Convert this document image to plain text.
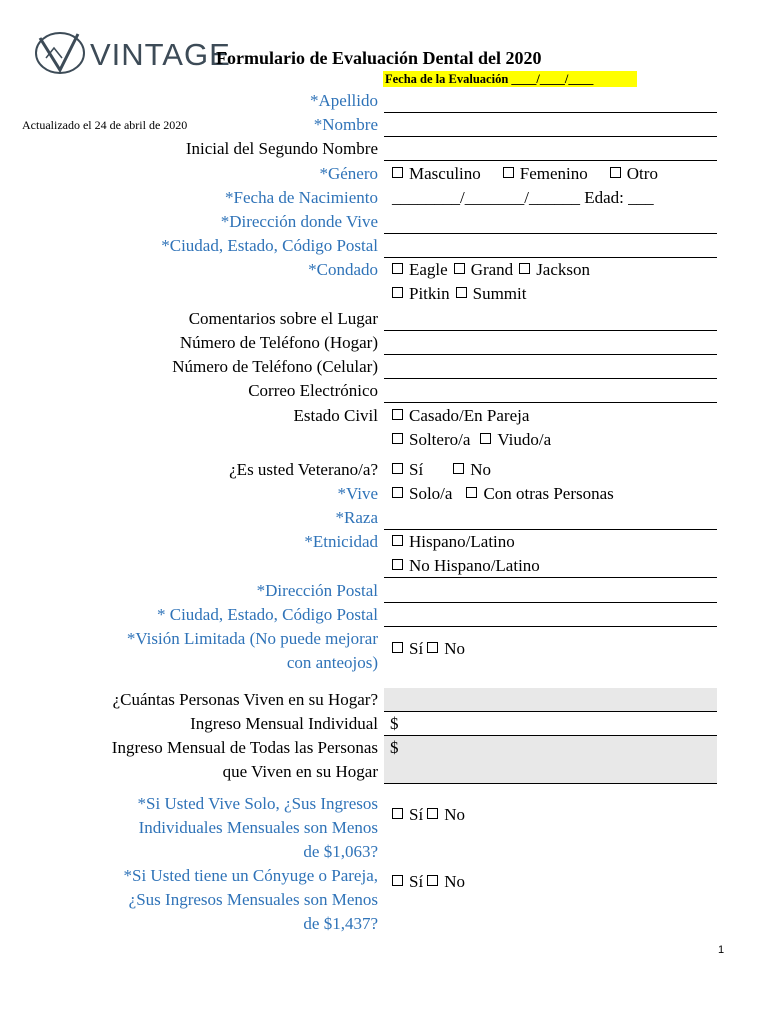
VINTAGE
Formulario de Evaluación Dental del 2020
Fecha de la Evaluación ____/____/____
Actualizado el 24 de abril de 2020
*Apellido
*Nombre
Inicial del Segundo Nombre
*Género	Masculino Femenino Otro
*Fecha de Nacimiento ________/_______/______ Edad: ___
*Dirección donde Vive
*Ciudad, Estado, Código Postal
*Condado	Eagle Grand Jackson
Pitkin Summit
Comentarios sobre el Lugar
Número de Teléfono (Hogar)
Número de Teléfono (Celular)
Correo Electrónico
Estado Civil	Casado/En Pareja
Soltero/a Viudo/a
¿Es usted Veterano/a?	Sí	No
*Vive	Solo/a Con otras Personas
*Raza
*Etnicidad	Hispano/Latino
No Hispano/Latino
*Dirección Postal
* Ciudad, Estado, Código Postal
*Visión Limitada (No puede mejorar
con anteojos)
Sí No
¿Cuántas Personas Viven en su Hogar?
Ingreso Mensual Individual $
Ingreso Mensual de Todas las Personas
que Viven en su Hogar
$
*Si Usted Vive Solo, ¿Sus Ingresos
Individuales Mensuales son Menos
de $1,063?
Sí No
*Si Usted tiene un Cónyuge o Pareja,
¿Sus Ingresos Mensuales son Menos
de $1,437?
Sí No
1
